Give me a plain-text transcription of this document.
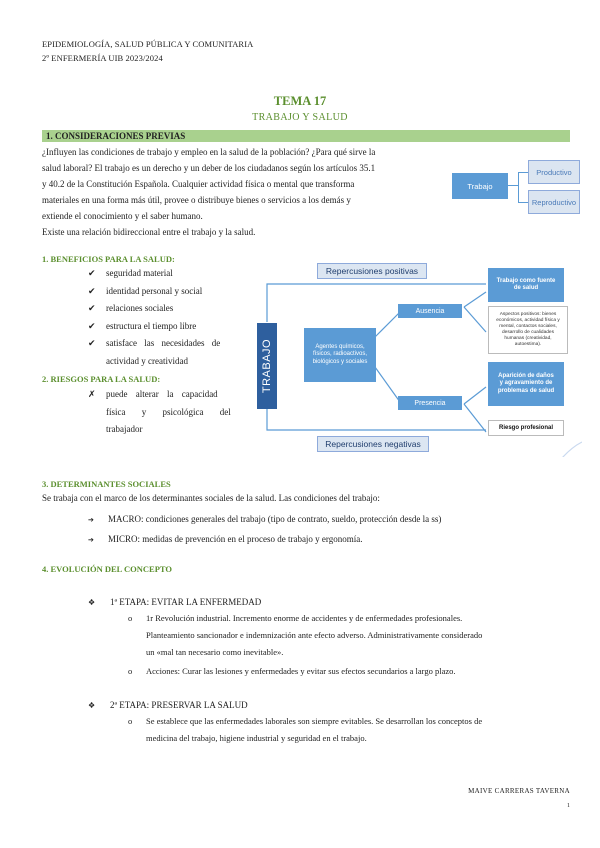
EPIDEMIOLOGÍA, SALUD PÚBLICA Y COMUNITARIA
2º ENFERMERÍA UIB 2023/2024
TEMA 17
TRABAJO Y SALUD
1. CONSIDERACIONES PREVIAS
¿Influyen las condiciones de trabajo y empleo en la salud de la población? ¿Para qué sirve la
salud laboral? El trabajo es un derecho y un deber de los ciudadanos según los artículos 35.1
y 40.2 de la Constitución Española. Cualquier actividad física o mental que transforma
materiales en una forma más útil, provee o distribuye bienes o servicios a los demás y
extiende el conocimiento y el saber humano.
Existe una relación bidireccional entre el trabajo y la salud.
Trabajo
Productivo
Reproductivo
1. BENEFICIOS PARA LA SALUD:
✔ seguridad material
✔ identidad personal y social
✔ relaciones sociales
✔ estructura el tiempo libre
✔	satisface las necesidades de
actividad y creatividad
2. RIESGOS PARA LA SALUD:
✗ puede alterar la capacidad
física y psicológica del
trabajador
Repercusiones positivas
Repercusiones negativas
TRABAJO	Agentes químicos, físicos, radioactivos, biológicos y sociales
Ausencia
Presencia
Trabajo como fuente de salud
Aspectos positivos: bienes económicos, actividad física y mental, contactos sociales, desarrollo de cualidades humanas (creatividad, autoestima).
Aparición de daños y agravamiento de problemas de salud
Riesgo profesional
3. DETERMINANTES SOCIALES
Se trabaja con el marco de los determinantes sociales de la salud. Las condiciones del trabajo:
➔ MACRO: condiciones generales del trabajo (tipo de contrato, sueldo, protección desde la ss)
➔ MICRO: medidas de prevención en el proceso de trabajo y ergonomía.
4. EVOLUCIÓN DEL CONCEPTO
❖ 1ª ETAPA: EVITAR LA ENFERMEDAD
o	1r Revolución industrial. Incremento enorme de accidentes y de enfermedades profesionales.
Planteamiento sancionador e indemnización ante efecto adverso. Administrativamente considerado
un «mal tan necesario como inevitable».
o	Acciones: Curar las lesiones y enfermedades y evitar sus efectos secundarios a largo plazo.
❖ 2ª ETAPA: PRESERVAR LA SALUD
o	Se establece que las enfermedades laborales son siempre evitables. Se desarrollan los conceptos de
medicina del trabajo, higiene industrial y seguridad en el trabajo.
MAIVE CARRERAS TAVERNA
1
